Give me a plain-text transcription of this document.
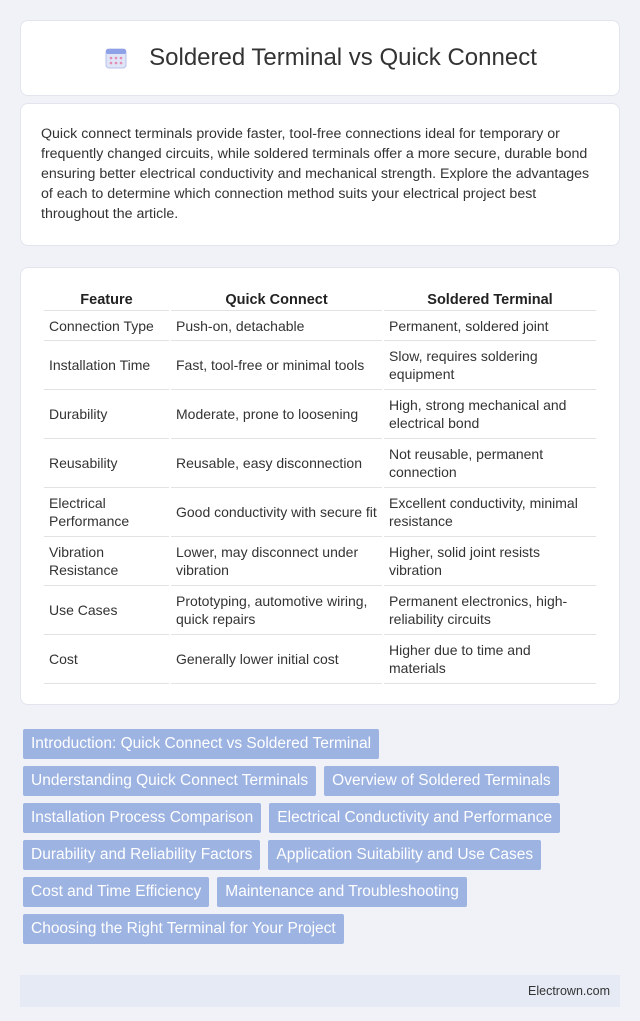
Soldered Terminal vs Quick Connect

Quick connect terminals provide faster, tool-free connections ideal for temporary or frequently changed circuits, while soldered terminals offer a more secure, durable bond ensuring better electrical conductivity and mechanical strength. Explore the advantages of each to determine which connection method suits your electrical project best throughout the article.

Feature	Quick Connect	Soldered Terminal
Connection Type	Push-on, detachable	Permanent, soldered joint
Installation Time	Fast, tool-free or minimal tools	Slow, requires soldering equipment
Durability	Moderate, prone to loosening	High, strong mechanical and electrical bond
Reusability	Reusable, easy disconnection	Not reusable, permanent connection
Electrical Performance	Good conductivity with secure fit	Excellent conductivity, minimal resistance
Vibration Resistance	Lower, may disconnect under vibration	Higher, solid joint resists vibration
Use Cases	Prototyping, automotive wiring, quick repairs	Permanent electronics, high-reliability circuits
Cost	Generally lower initial cost	Higher due to time and materials
Introduction: Quick Connect vs Soldered Terminal
Understanding Quick Connect Terminals	Overview of Soldered Terminals
Installation Process Comparison	Electrical Conductivity and Performance
Durability and Reliability Factors	Application Suitability and Use Cases
Cost and Time Efficiency	Maintenance and Troubleshooting
Choosing the Right Terminal for Your Project
Electrown.com
